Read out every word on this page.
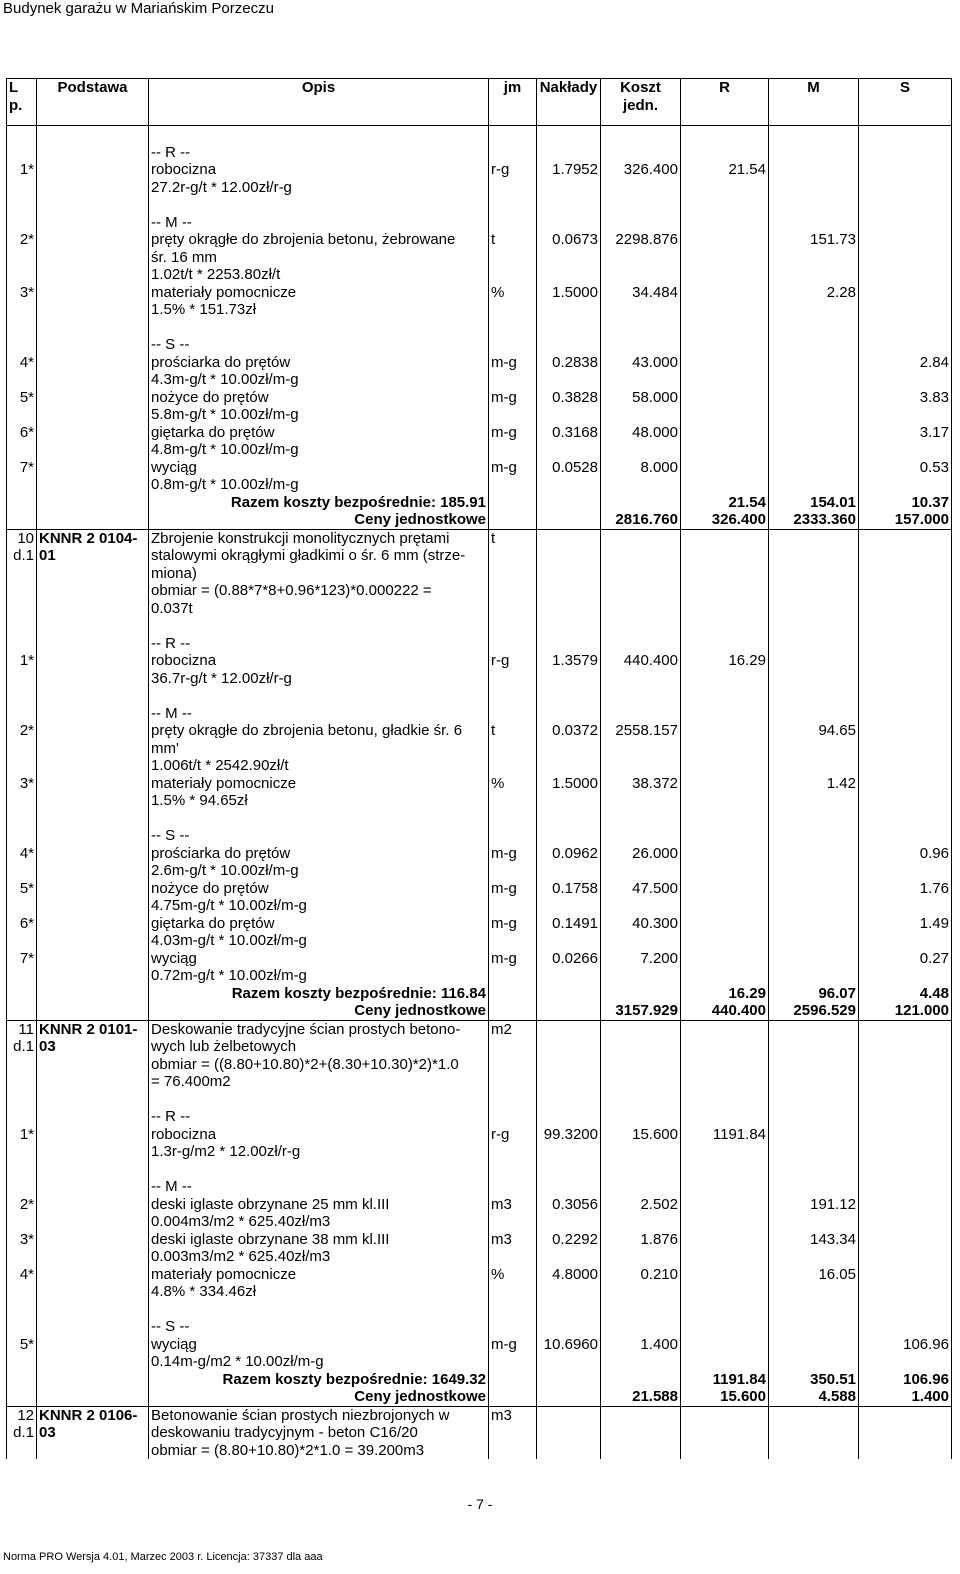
Budynek garażu w Mariańskim Porzeczu
L
p.	Podstawa	Opis	jm	Nakłady	Koszt
jedn.	R	M	S

		-- R --						
1*		robocizna	r-g	1.7952	326.400	21.54		
		27.2r-g/t * 12.00zł/r-g						

		-- M --						
2*		pręty okrągłe do zbrojenia betonu, żebrowane	t	0.0673	2298.876		151.73	
		śr. 16 mm						
		1.02t/t * 2253.80zł/t						
3*		materiały pomocnicze	%	1.5000	34.484		2.28	
		1.5% * 151.73zł						

		-- S --						
4*		prościarka do prętów	m-g	0.2838	43.000			2.84
		4.3m-g/t * 10.00zł/m-g						
5*		nożyce do prętów	m-g	0.3828	58.000			3.83
		5.8m-g/t * 10.00zł/m-g						
6*		giętarka do prętów	m-g	0.3168	48.000			3.17
		4.8m-g/t * 10.00zł/m-g						
7*		wyciąg	m-g	0.0528	8.000			0.53
		0.8m-g/t * 10.00zł/m-g						
		Razem koszty bezpośrednie: 185.91				21.54	154.01	10.37
		Ceny jednostkowe			2816.760	326.400	2333.360	157.000
10	KNNR 2 0104-	Zbrojenie konstrukcji monolitycznych prętami	t					
d.1	01	stalowymi okrągłymi gładkimi o śr. 6 mm (strze-						
		miona)						
		obmiar = (0.88*7*8+0.96*123)*0.000222 =						
		0.037t						

		-- R --						
1*		robocizna	r-g	1.3579	440.400	16.29		
		36.7r-g/t * 12.00zł/r-g						

		-- M --						
2*		pręty okrągłe do zbrojenia betonu, gładkie śr. 6	t	0.0372	2558.157		94.65	
		mm'						
		1.006t/t * 2542.90zł/t						
3*		materiały pomocnicze	%	1.5000	38.372		1.42	
		1.5% * 94.65zł						

		-- S --						
4*		prościarka do prętów	m-g	0.0962	26.000			0.96
		2.6m-g/t * 10.00zł/m-g						
5*		nożyce do prętów	m-g	0.1758	47.500			1.76
		4.75m-g/t * 10.00zł/m-g						
6*		giętarka do prętów	m-g	0.1491	40.300			1.49
		4.03m-g/t * 10.00zł/m-g						
7*		wyciąg	m-g	0.0266	7.200			0.27
		0.72m-g/t * 10.00zł/m-g						
		Razem koszty bezpośrednie: 116.84				16.29	96.07	4.48
		Ceny jednostkowe			3157.929	440.400	2596.529	121.000
11	KNNR 2 0101-	Deskowanie tradycyjne ścian prostych betono-	m2					
d.1	03	wych lub żelbetowych						
		obmiar = ((8.80+10.80)*2+(8.30+10.30)*2)*1.0						
		= 76.400m2						

		-- R --						
1*		robocizna	r-g	99.3200	15.600	1191.84		
		1.3r-g/m2 * 12.00zł/r-g						

		-- M --						
2*		deski iglaste obrzynane 25 mm kl.III	m3	0.3056	2.502		191.12	
		0.004m3/m2 * 625.40zł/m3						
3*		deski iglaste obrzynane 38 mm kl.III	m3	0.2292	1.876		143.34	
		0.003m3/m2 * 625.40zł/m3						
4*		materiały pomocnicze	%	4.8000	0.210		16.05	
		4.8% * 334.46zł						

		-- S --						
5*		wyciąg	m-g	10.6960	1.400			106.96
		0.14m-g/m2 * 10.00zł/m-g						
		Razem koszty bezpośrednie: 1649.32				1191.84	350.51	106.96
		Ceny jednostkowe			21.588	15.600	4.588	1.400
12	KNNR 2 0106-	Betonowanie ścian prostych niezbrojonych w	m3					
d.1	03	deskowaniu tradycyjnym - beton C16/20						
		obmiar = (8.80+10.80)*2*1.0 = 39.200m3						
- 7 -
Norma PRO Wersja 4.01, Marzec 2003 r. Licencja: 37337 dla aaa
